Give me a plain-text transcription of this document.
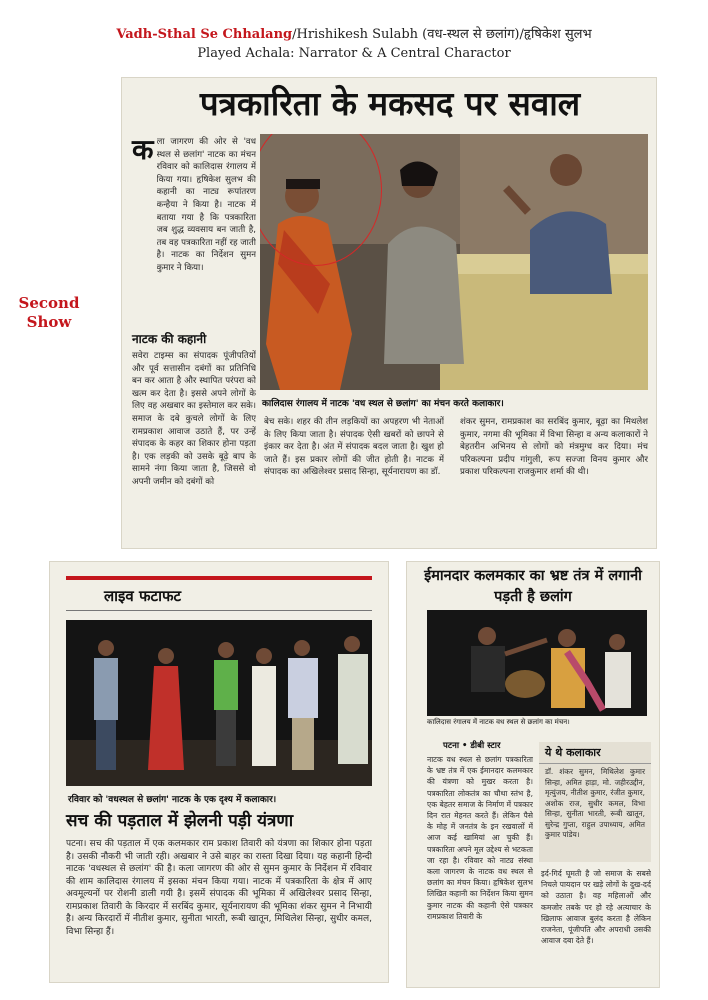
Vadh-Sthal Se Chhalang/Hrishikesh Sulabh (वध-स्थल से छलांग)/हृषिकेश सुलभ
Played Achala: Narrator & A Central Charactor
Second
Show
पत्रकारिता के मकसद पर सवाल
क ला जागरण की ओर से 'वध स्थल से छलांग' नाटक का मंचन रविवार को कालिदास रंगालय में किया गया। हृषिकेश सुलभ की कहानी का नाट्य रूपांतरण कन्हैया ने किया है। नाटक में बताया गया है कि पत्रकारिता जब शुद्ध व्यवसाय बन जाती है, तब वह पत्रकारिता नहीं रह जाती है। नाटक का निर्देशन सुमन कुमार ने किया।
नाटक की कहानी
सवेरा टाइम्स का संपादक पूंजीपतियों और पूर्व सत्तासीन दबंगों का प्रतिनिधि बन कर आता है और स्थापित परंपरा को खत्म कर देता है। इससे अपने लोगों के लिए वह अखबार का इस्तेमाल कर सके। समाज के दबे कुचले लोगों के लिए रामप्रकाश आवाज उठाते हैं, पर उन्हें संपादक के कहर का शिकार होना पड़ता है। एक लड़की को उसके बूढ़े बाप के सामने नंगा किया जाता है, जिससे वो अपनी जमीन को दबंगों को
कालिदास रंगालय में नाटक 'वध स्थल से छलांग' का मंचन करते कलाकार।
बेच सके। शहर की तीन लड़कियों का अपहरण भी नेताओं के लिए किया जाता है। संपादक ऐसी खबरों को छापने से इंकार कर देता है। अंत में संपादक बदल जाता है। खुश हो जाते हैं। इस प्रकार लोगों की जीत होती है। नाटक में संपादक का अखिलेश्वर प्रसाद सिन्हा, सूर्यनारायण का डॉ.
शंकर सुमन, रामप्रकाश का सरबिंद कुमार, बूढ़ा का मिथलेश कुमार, नगमा की भूमिका में विभा सिन्हा व अन्य कलाकारों ने बेहतरीन अभिनय से लोगों को मंत्रमुग्ध कर दिया। मंच परिकल्पना प्रदीप गांगुली, रूप सज्जा विनय कुमार और प्रकाश परिकल्पना राजकुमार शर्मा की थी।
लाइव फटाफट
रविवार को 'वधस्थल से छलांग' नाटक के एक दृश्य में कलाकार।
सच की पड़ताल में झेलनी पड़ी यंत्रणा
पटना। सच की पड़ताल में एक कलमकार राम प्रकाश तिवारी को यंत्रणा का शिकार होना पड़ता है। उसकी नौकरी भी जाती रही। अखबार ने उसे बाहर का रास्ता दिखा दिया। यह कहानी हिन्दी नाटक 'वधस्थल से छलांग' की है। कला जागरण की ओर से सुमन कुमार के निर्देशन में रविवार की शाम कालिदास रंगालय में इसका मंचन किया गया। नाटक में पत्रकारिता के क्षेत्र में आए अवमूल्यनों पर रोशनी डाली गयी है। इसमें संपादक की भूमिका में अखिलेश्वर प्रसाद सिन्हा, रामप्रकाश तिवारी के किरदार में सरबिंद कुमार, सूर्यनारायण की भूमिका शंकर सुमन ने निभायी है। अन्य किरदारों में नीतीश कुमार, सुनीता भारती, रूबी खातून, मिथिलेश सिन्हा, सुधीर कमल, विभा सिन्हा हैं।
ईमानदार कलमकार का भ्रष्ट तंत्र में लगानी पड़ती है छलांग
कालिदास रंगालय में नाटक वध स्थल से छलांग का मंचन।
पटना • डीबी स्टार
नाटक वध स्थल से छलांग पत्रकारिता के भ्रष्ट तंत्र में एक ईमानदार कलमकार की यंत्रणा को मुखर करता है। पत्रकारिता लोकतंत्र का चौथा स्तंभ है, एक बेहतर समाज के निर्माण में पत्रकार दिन रात मेहनत करते हैं। लेकिन पैसे के मोह में जनतंत्र के इन रखवालों में आज कई खामियां आ चुकी हैं। पत्रकारिता अपने मूल उद्देश्य से भटकता जा रहा है। रविवार को नाट्य संस्था कला जागरण के नाटक वध स्थल से छलांग का मंचन किया। हृषिकेश सुलभ लिखित कहानी का निर्देशन किया सुमन कुमार नाटक की कहानी ऐसे पत्रकार रामप्रकाश तिवारी के
ये थे कलाकार
डॉ. शंकर सुमन, मिथिलेश कुमार सिन्हा, अमित हाड़ा, मो. जहीरउद्दीन, मृत्युंजय, नीतीश कुमार, रंजीत कुमार, अशोक राज, सुधीर कमल, विभा सिन्हा, सुनीता भारती, रूबी खातून, सुरेन्द्र गुप्ता, राहुल उपाध्याय, अमित कुमार पांडेय।
इर्द-गिर्द घूमती है जो समाज के सबसे निचले पायदान पर खड़े लोगों के दुख-दर्द को उठाता है। वह महिलाओं और कमजोर तबके पर हो रहे अत्याचार के खिलाफ आवाज बुलंद करता है लेकिन राजनेता, पूंजीपति और अपराधी उसकी आवाज दबा देते हैं।
